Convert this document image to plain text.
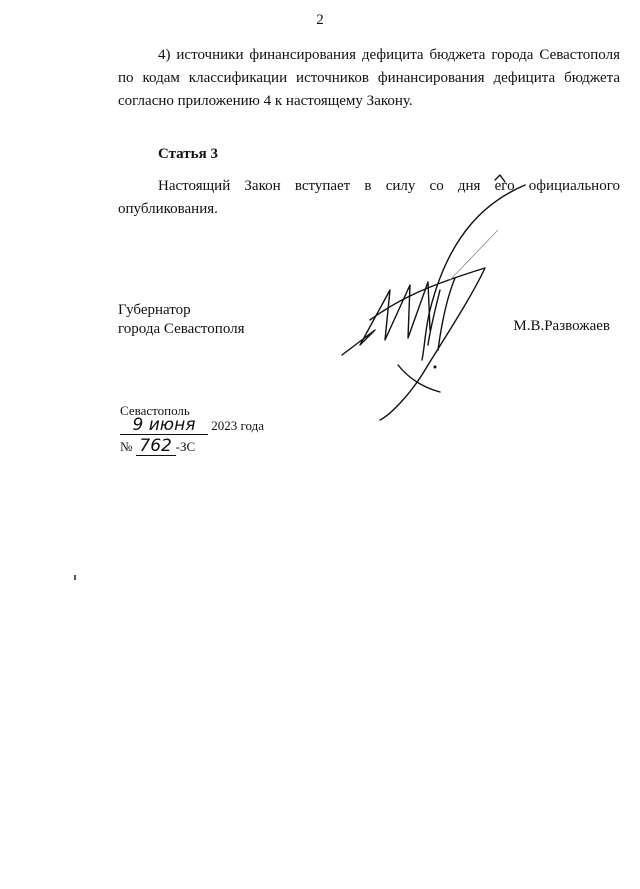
2
4) источники финансирования дефицита бюджета города Севастополя
по кодам классификации источников финансирования дефицита бюджета
согласно приложению 4 к настоящему Закону.
Статья 3
Настоящий Закон вступает в силу со дня его официального
опубликования.
Губернатор
города Севастополя	М.В.Развожаев
Севастополь
9 июня 2023 года
№ 762 -ЗС
